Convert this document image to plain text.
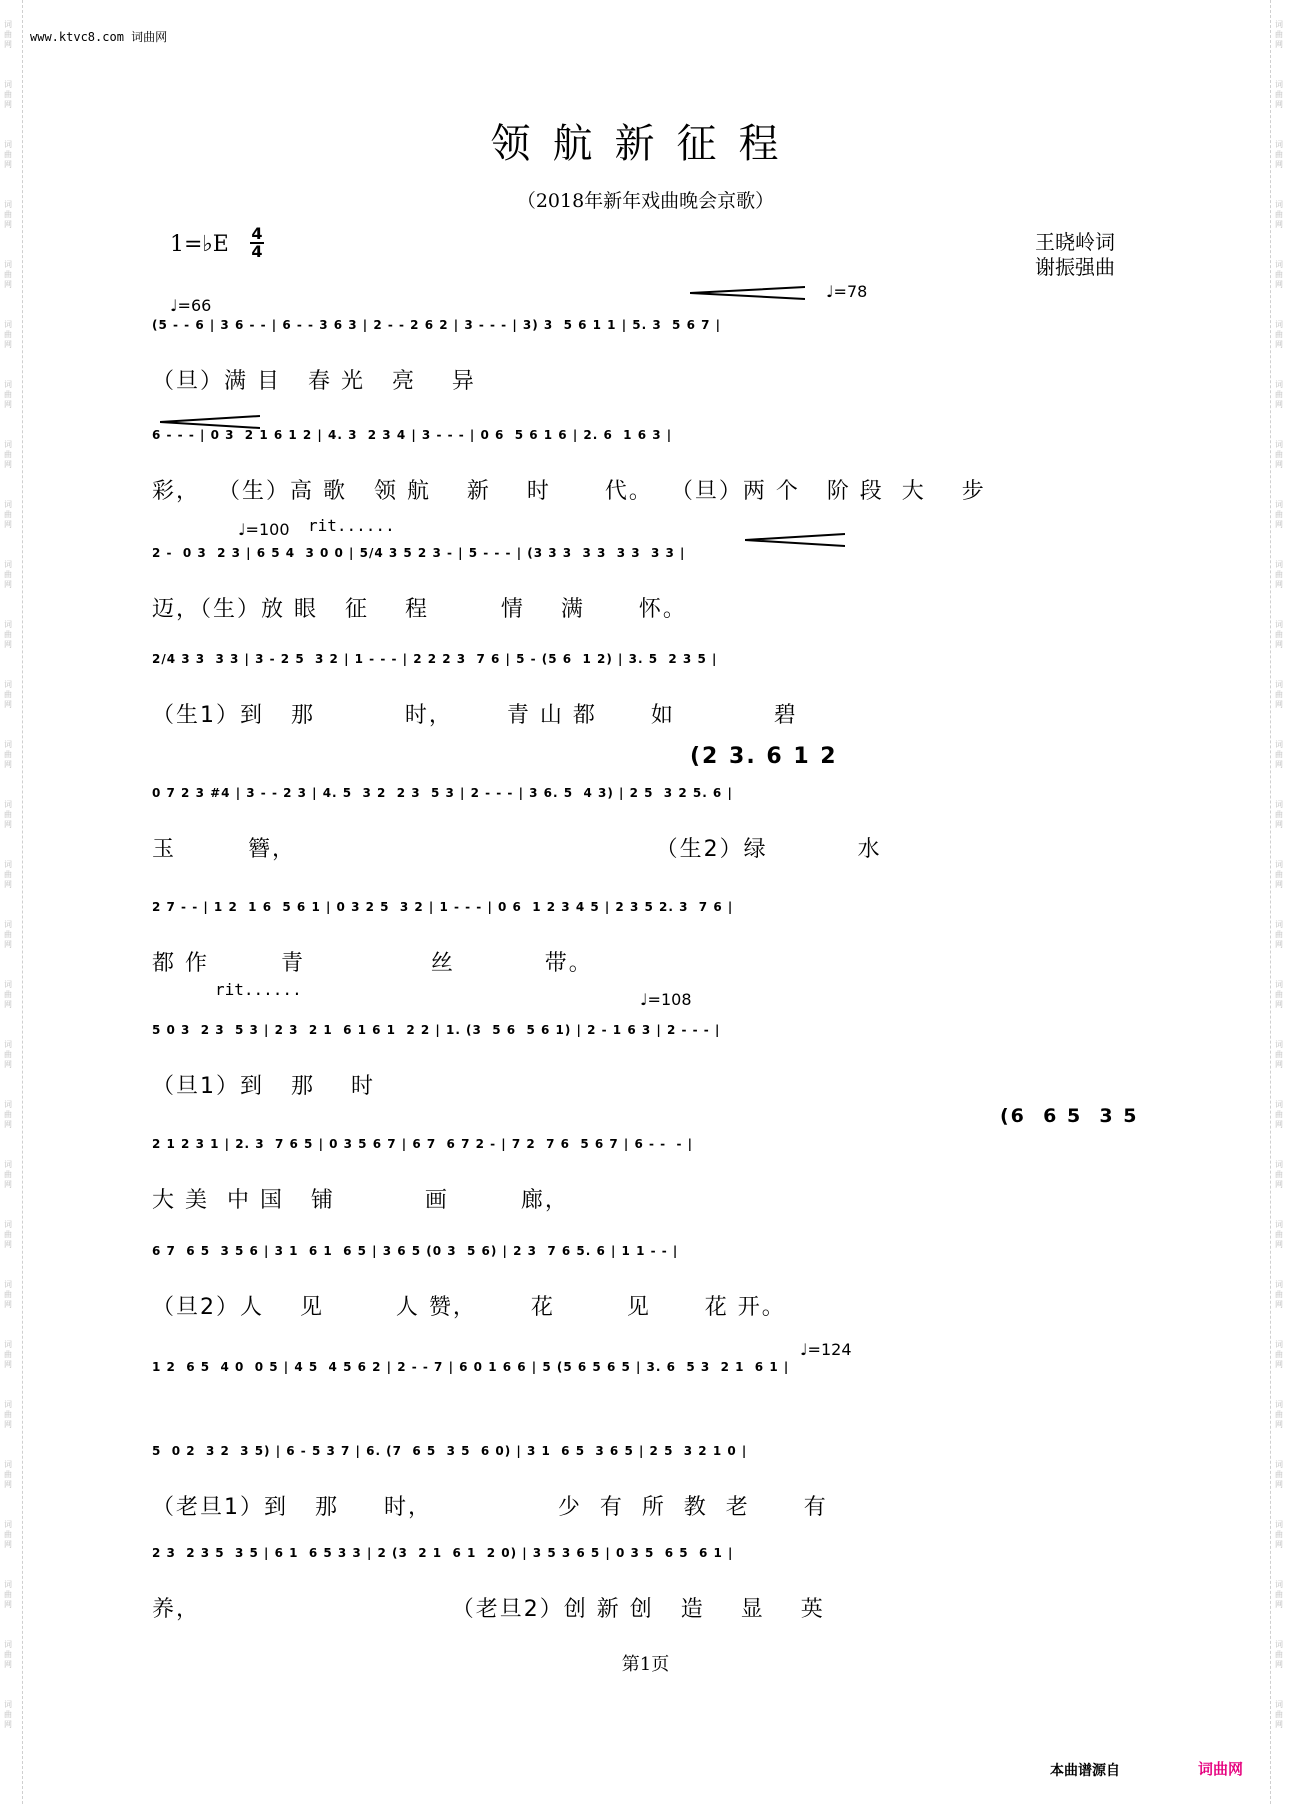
词曲网
词曲网
词曲网
词曲网
词曲网
词曲网
词曲网
词曲网
词曲网
词曲网
词曲网
词曲网
词曲网
词曲网
词曲网
词曲网
词曲网
词曲网
词曲网
词曲网
词曲网
词曲网
词曲网
词曲网
词曲网
词曲网
词曲网
词曲网
词曲网
词曲网
词曲网
词曲网
词曲网
词曲网
词曲网
词曲网
词曲网
词曲网
词曲网
词曲网
词曲网
词曲网
词曲网
词曲网
词曲网
词曲网
词曲网
词曲网
词曲网
词曲网
词曲网
词曲网
词曲网
词曲网
词曲网
词曲网
词曲网
词曲网
www.ktvc8.com 词曲网
领航新征程
（2018年新年戏曲晚会京歌）
1=♭E 4
4	王晓岭词
谢振强曲
♩=66
♩=78
♩=100
♩=108
♩=124
rit......
rit......
(2 3. 6 1 2
(6  6 5  3 5
(5 - - 6 | 3 6 - - | 6 - - 3 6 3 | 2 - - 2 6 2 | 3 - - - | 3) 3  5 6 1 1 | 5. 3  5 6 7 |
（旦）满 目   春 光   亮    异
6 - - - | 0 3  2 1 6 1 2 | 4. 3  2 3 4 | 3 - - - | 0 6  5 6 1 6 | 2. 6  1 6 3 |
彩，  （生）高 歌   领 航    新    时      代。  （旦）两 个   阶 段  大    步
2 -  0 3  2 3 | 6 5 4  3 0 0 | 5/4 3 5 2 3 - | 5 - - - | (3 3 3  3 3  3 3  3 3 |
迈，（生）放 眼   征    程        情    满      怀。
2/4 3 3  3 3 | 3 - 2 5  3 2 | 1 - - - | 2 2 2 3  7 6 | 5 - (5 6  1 2) | 3. 5  2 3 5 |
（生1）到   那          时，      青 山 都      如           碧
0 7 2 3 #4 | 3 - - 2 3 | 4. 5  3 2  2 3  5 3 | 2 - - - | 3 6. 5  4 3) | 2 5  3 2 5. 6 |
玉        簪，                                        （生2）绿          水
2 7 - - | 1 2  1 6  5 6 1 | 0 3 2 5  3 2 | 1 - - - | 0 6  1 2 3 4 5 | 2 3 5 2. 3  7 6 |
都 作        青              丝          带。
5 0 3  2 3  5 3 | 2 3  2 1  6 1 6 1  2 2 | 1. (3  5 6  5 6 1) | 2 - 1 6 3 | 2 - - - |
（旦1）到   那    时
2 1 2 3 1 | 2. 3  7 6 5 | 0 3 5 6 7 | 6 7  6 7 2 - | 7 2  7 6  5 6 7 | 6 - -  - |
大 美  中 国   铺          画        廊，
6 7  6 5  3 5 6 | 3 1  6 1  6 5 | 3 6 5 (0 3  5 6) | 2 3  7 6 5. 6 | 1 1 - - |
（旦2）人    见        人 赞，      花        见      花 开。
1 2  6 5  4 0  0 5 | 4 5  4 5 6 2 | 2 - - 7 | 6 0 1 6 6 | 5 (5 6 5 6 5 | 3. 6  5 3  2 1  6 1 |
5  0 2  3 2  3 5) | 6 - 5 3 7 | 6. (7  6 5  3 5  6 0) | 3 1  6 5  3 6 5 | 2 5  3 2 1 0 |
（老旦1）到   那     时，              少  有  所  教  老      有
2 3  2 3 5  3 5 | 6 1  6 5 3 3 | 2 (3  2 1  6 1  2 0) | 3 5 3 6 5 | 0 3 5  6 5  6 1 |
养，                            （老旦2）创 新 创   造    显    英
第1页
本曲谱源自	词曲网
